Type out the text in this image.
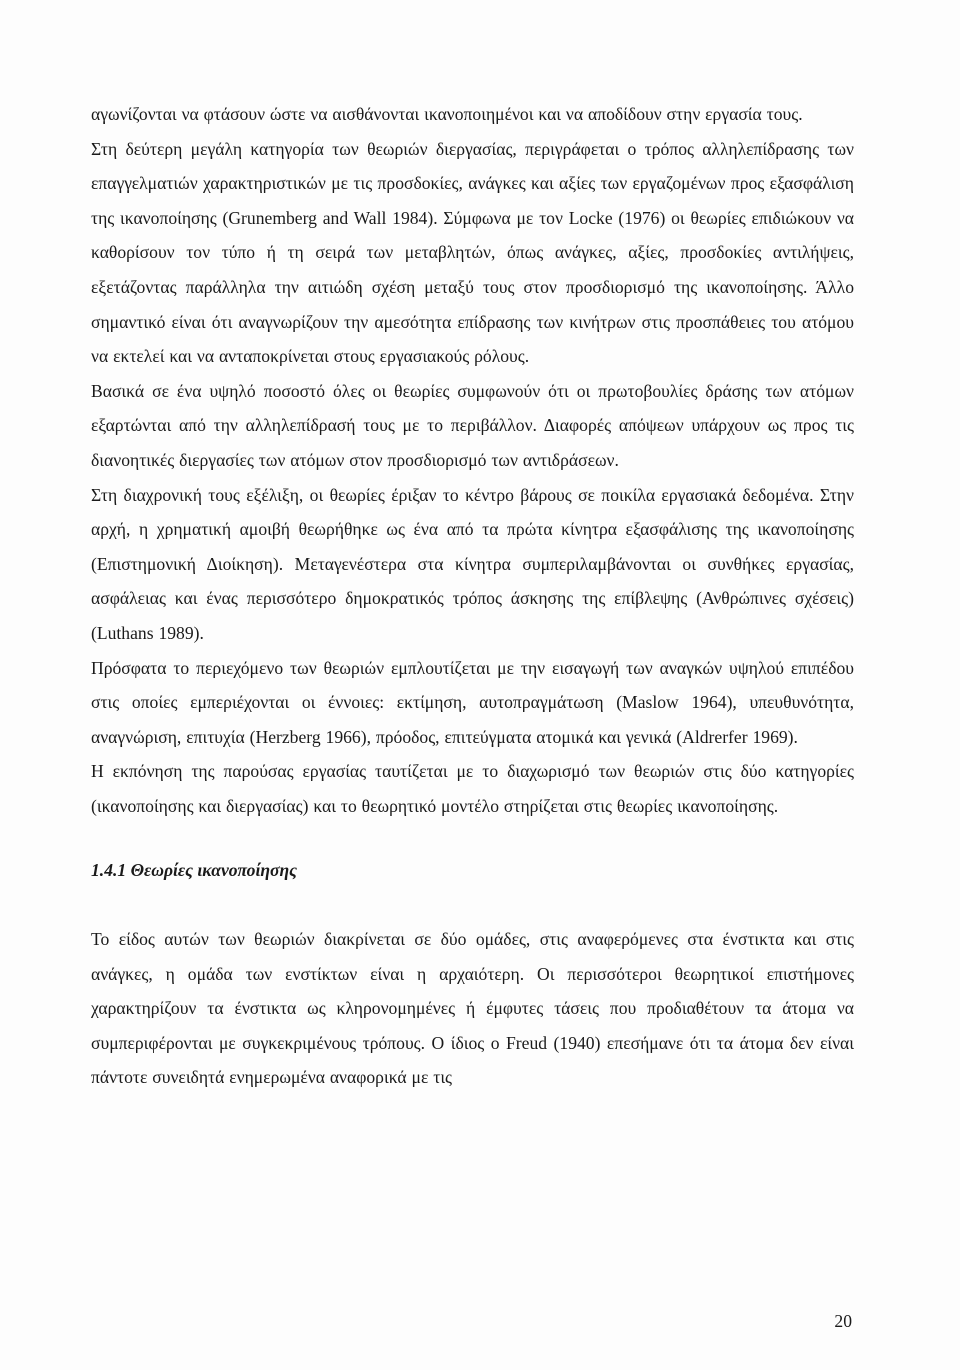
αγωνίζονται να φτάσουν ώστε να αισθάνονται ικανοποιημένοι και να αποδίδουν στην εργασία τους.

Στη δεύτερη μεγάλη κατηγορία των θεωριών διεργασίας, περιγράφεται ο τρόπος αλληλεπίδρασης των επαγγελματιών χαρακτηριστικών με τις προσδοκίες, ανάγκες και αξίες των εργαζομένων προς εξασφάλιση της ικανοποίησης (Grunemberg and Wall 1984). Σύμφωνα με τον Locke (1976) οι θεωρίες επιδιώκουν να καθορίσουν τον τύπο ή τη σειρά των μεταβλητών, όπως ανάγκες, αξίες, προσδοκίες αντιλήψεις, εξετάζοντας παράλληλα την αιτιώδη σχέση μεταξύ τους στον προσδιορισμό της ικανοποίησης. Άλλο σημαντικό είναι ότι αναγνωρίζουν την αμεσότητα επίδρασης των κινήτρων στις προσπάθειες του ατόμου να εκτελεί και να ανταποκρίνεται στους εργασιακούς ρόλους.

Βασικά σε ένα υψηλό ποσοστό όλες οι θεωρίες συμφωνούν ότι οι πρωτοβουλίες δράσης των ατόμων εξαρτώνται από την αλληλεπίδρασή τους με το περιβάλλον. Διαφορές απόψεων υπάρχουν ως προς τις διανοητικές διεργασίες των ατόμων στον προσδιορισμό των αντιδράσεων.

Στη διαχρονική τους εξέλιξη, οι θεωρίες έριξαν το κέντρο βάρους σε ποικίλα εργασιακά δεδομένα. Στην αρχή, η χρηματική αμοιβή θεωρήθηκε ως ένα από τα πρώτα κίνητρα εξασφάλισης της ικανοποίησης (Επιστημονική Διοίκηση). Μεταγενέστερα στα κίνητρα συμπεριλαμβάνονται οι συνθήκες εργασίας, ασφάλειας και ένας περισσότερο δημοκρατικός τρόπος άσκησης της επίβλεψης (Ανθρώπινες σχέσεις) (Luthans 1989).

Πρόσφατα το περιεχόμενο των θεωριών εμπλουτίζεται με την εισαγωγή των αναγκών υψηλού επιπέδου στις οποίες εμπεριέχονται οι έννοιες: εκτίμηση, αυτοπραγμάτωση (Maslow 1964), υπευθυνότητα, αναγνώριση, επιτυχία (Herzberg 1966), πρόοδος, επιτεύγματα ατομικά και γενικά (Aldrerfer 1969).

Η εκπόνηση της παρούσας εργασίας ταυτίζεται με το διαχωρισμό των θεωριών στις δύο κατηγορίες (ικανοποίησης και διεργασίας) και το θεωρητικό μοντέλο στηρίζεται στις θεωρίες ικανοποίησης.

1.4.1 Θεωρίες ικανοποίησης

Το είδος αυτών των θεωριών διακρίνεται σε δύο ομάδες, στις αναφερόμενες στα ένστικτα και στις ανάγκες, η ομάδα των ενστίκτων είναι η αρχαιότερη. Οι περισσότεροι θεωρητικοί επιστήμονες χαρακτηρίζουν τα ένστικτα ως κληρονομημένες ή έμφυτες τάσεις που προδιαθέτουν τα άτομα να συμπεριφέρονται με συγκεκριμένους τρόπους. Ο ίδιος ο Freud (1940) επεσήμανε ότι τα άτομα δεν είναι πάντοτε συνειδητά ενημερωμένα αναφορικά με τις

20
